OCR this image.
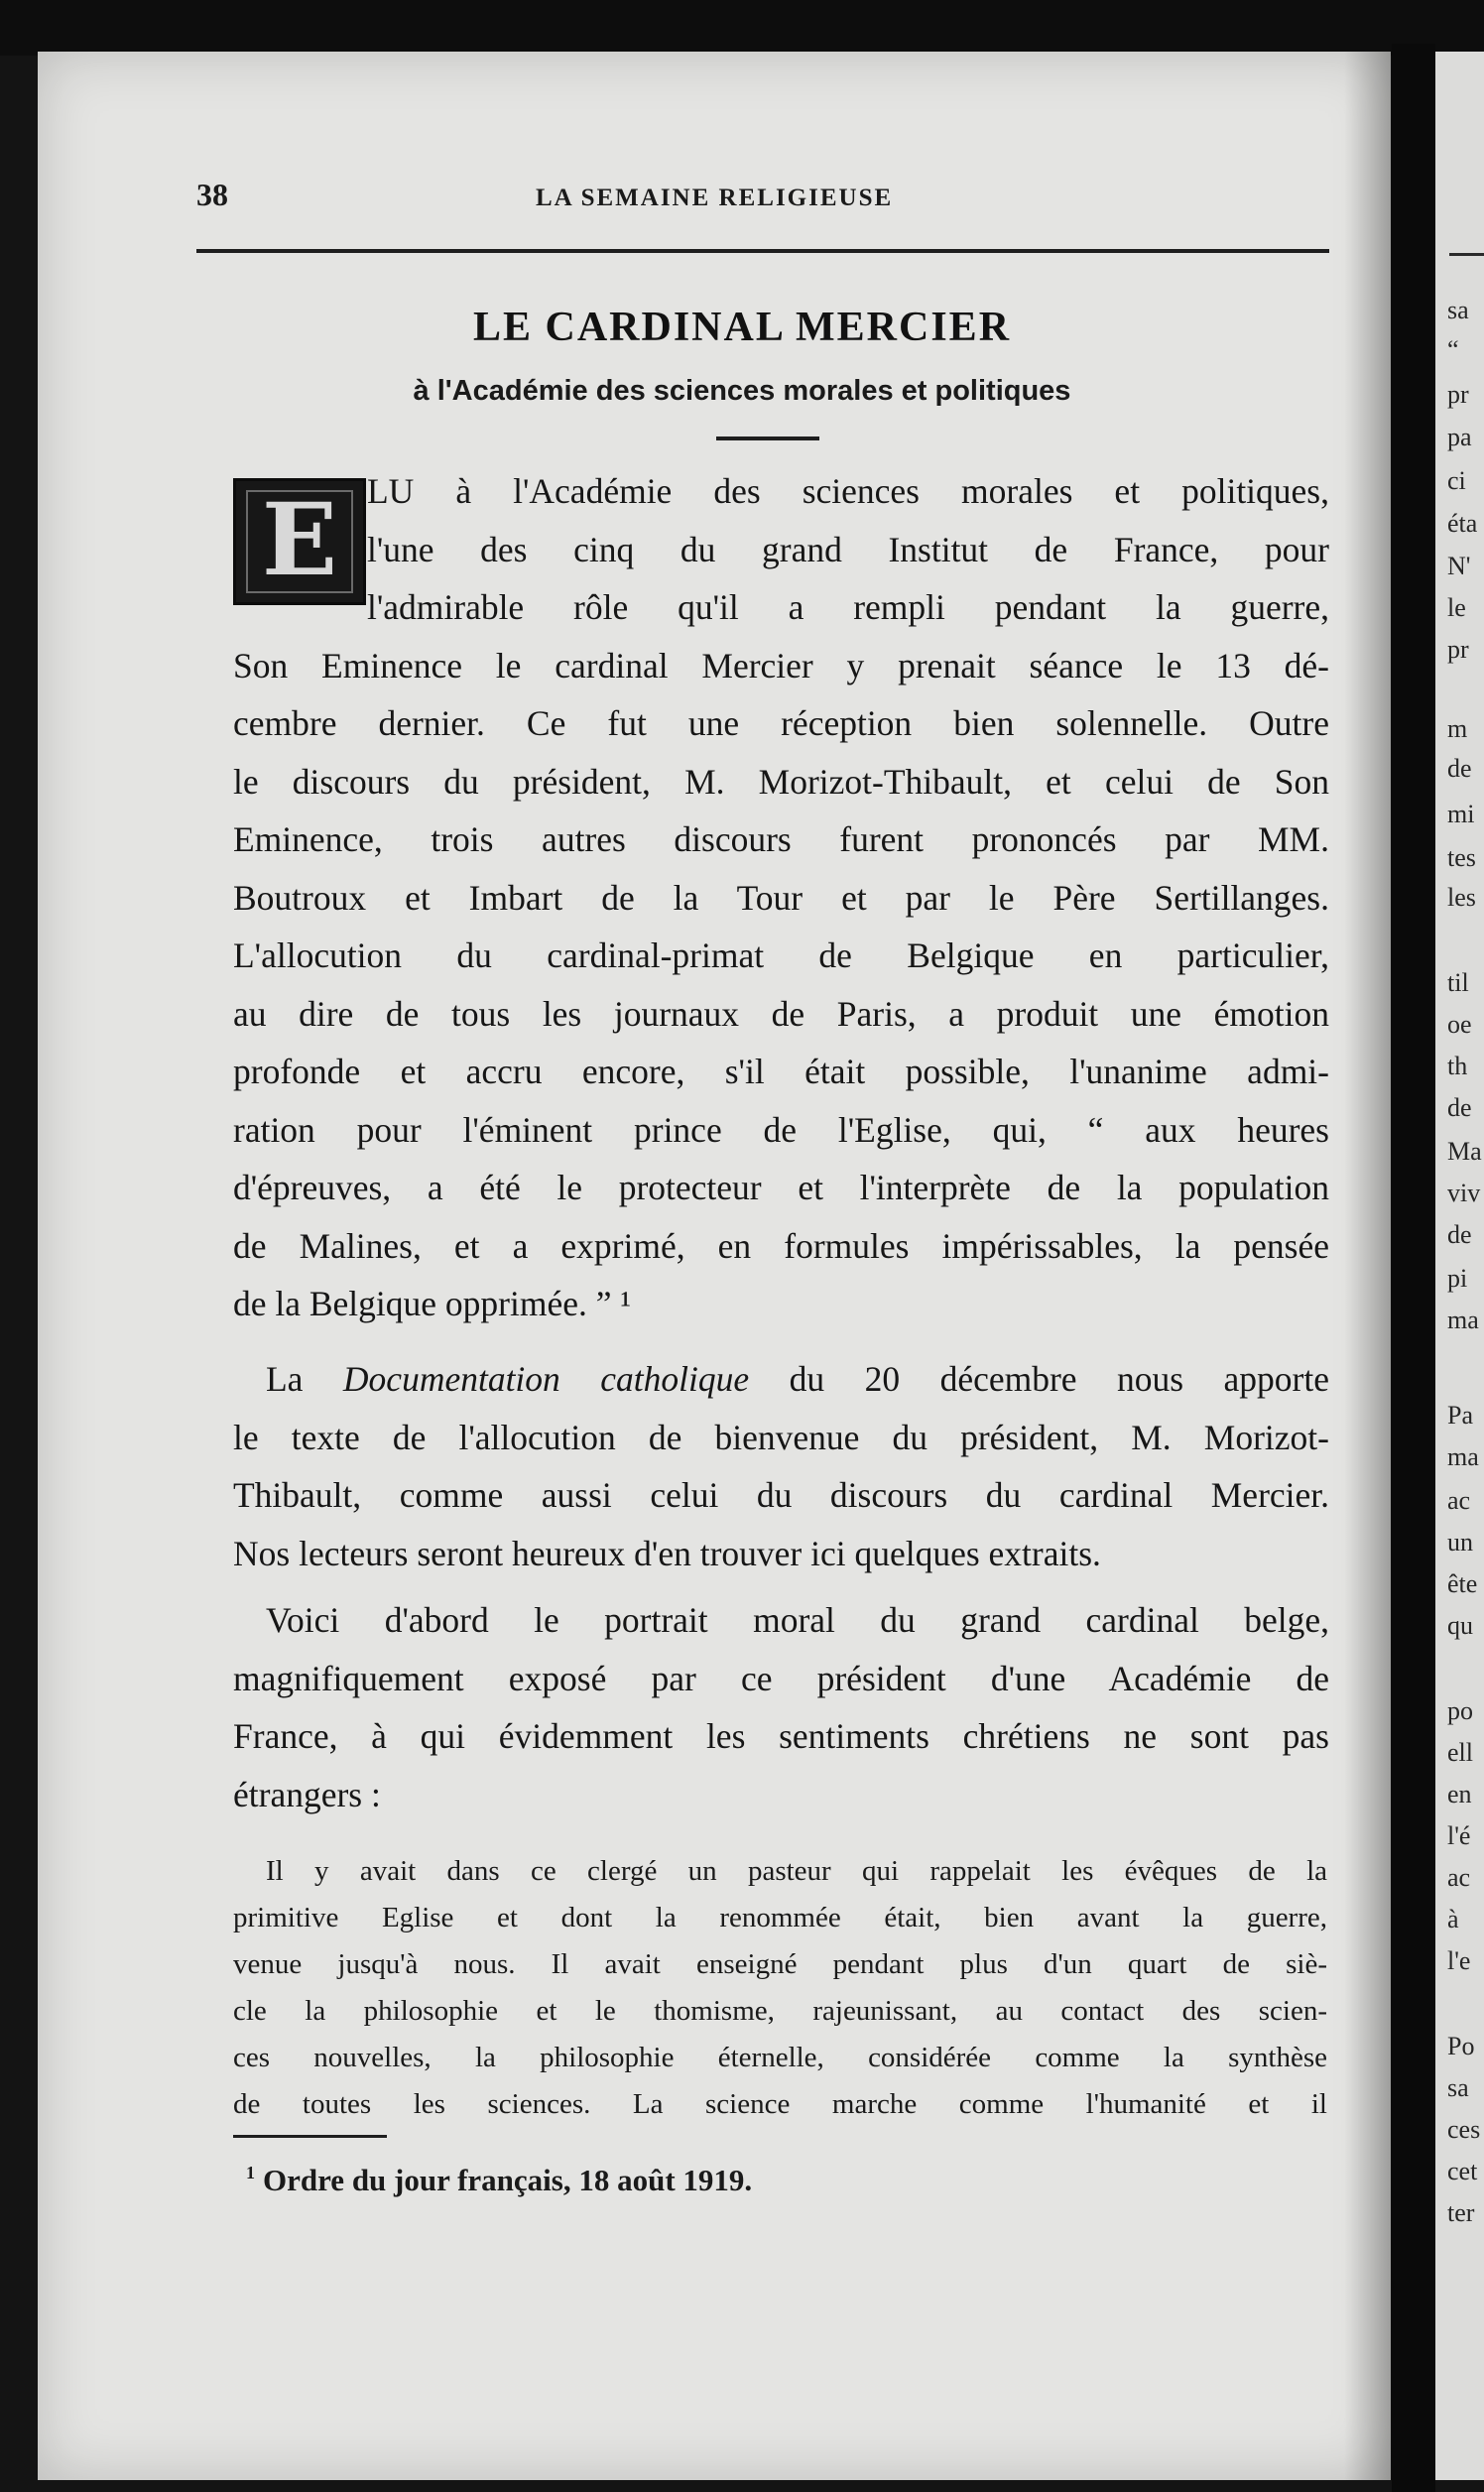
sa
“
pr
pa
ci
éta
N'
le
pr
m
de
mi
tes
les
til
oe
th
de
Ma
viv
de
pi
ma
Pa
ma
ac
un
ête
qu
po
ell
en
l'é
ac
à
l'e
Po
sa
ces
cet
ter
38	LA SEMAINE RELIGIEUSE
LE CARDINAL MERCIER
à l'Académie des sciences morales et politiques
E LU à l'Académie des sciences morales et politiques,
l'une des cinq du grand Institut de France, pour
l'admirable rôle qu'il a rempli pendant la guerre,
Son Eminence le cardinal Mercier y prenait séance le 13 dé-
cembre dernier. Ce fut une réception bien solennelle. Outre
le discours du président, M. Morizot-Thibault, et celui de Son
Eminence, trois autres discours furent prononcés par MM.
Boutroux et Imbart de la Tour et par le Père Sertillanges.
L'allocution du cardinal-primat de Belgique en particulier,
au dire de tous les journaux de Paris, a produit une émotion
profonde et accru encore, s'il était possible, l'unanime admi-
ration pour l'éminent prince de l'Eglise, qui, “ aux heures
d'épreuves, a été le protecteur et l'interprète de la population
de Malines, et a exprimé, en formules impérissables, la pensée
de la Belgique opprimée. ” ¹
La Documentation catholique du 20 décembre nous apporte
le texte de l'allocution de bienvenue du président, M. Morizot-
Thibault, comme aussi celui du discours du cardinal Mercier.
Nos lecteurs seront heureux d'en trouver ici quelques extraits.
Voici d'abord le portrait moral du grand cardinal belge,
magnifiquement exposé par ce président d'une Académie de
France, à qui évidemment les sentiments chrétiens ne sont pas
étrangers :
Il y avait dans ce clergé un pasteur qui rappelait les évêques de la
primitive Eglise et dont la renommée était, bien avant la guerre,
venue jusqu'à nous. Il avait enseigné pendant plus d'un quart de siè-
cle la philosophie et le thomisme, rajeunissant, au contact des scien-
ces nouvelles, la philosophie éternelle, considérée comme la synthèse
de toutes les sciences. La science marche comme l'humanité et il
$^1$ Ordre du jour français, 18 août 1919.
